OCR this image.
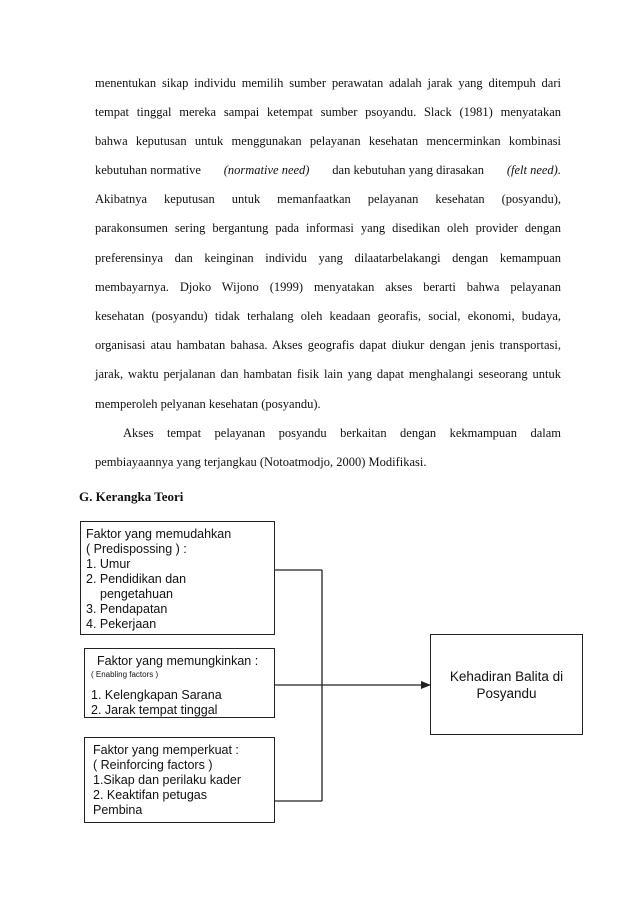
menentukan sikap individu memilih sumber perawatan adalah jarak yang ditempuh dari
tempat tinggal mereka sampai ketempat sumber psoyandu. Slack (1981) menyatakan
bahwa keputusan untuk menggunakan pelayanan kesehatan mencerminkan kombinasi
kebutuhan normative (normative need) dan kebutuhan yang dirasakan (felt need).
Akibatnya keputusan untuk memanfaatkan pelayanan kesehatan (posyandu),
parakonsumen sering bergantung pada informasi yang disedikan oleh provider dengan
preferensinya dan keinginan individu yang dilaatarbelakangi dengan kemampuan
membayarnya. Djoko Wijono (1999) menyatakan akses berarti bahwa pelayanan
kesehatan (posyandu) tidak terhalang oleh keadaan georafis, social, ekonomi, budaya,
organisasi atau hambatan bahasa. Akses geografis dapat diukur dengan jenis transportasi,
jarak, waktu perjalanan dan hambatan fisik lain yang dapat menghalangi seseorang untuk
memperoleh pelyanan kesehatan (posyandu).
Akses tempat pelayanan posyandu berkaitan dengan kekmampuan dalam
pembiayaannya yang terjangkau (Notoatmodjo, 2000) Modifikasi.
G. Kerangka Teori
Faktor yang memudahkan
( Predispossing ) :
1. Umur
2. Pendidikan dan
pengetahuan
3. Pendapatan
4. Pekerjaan
Faktor yang memungkinkan :
( Enabling factors )
1. Kelengkapan Sarana
2. Jarak tempat tinggal
Faktor yang memperkuat :
( Reinforcing factors )
1.Sikap dan perilaku kader
2. Keaktifan petugas
Pembina
Kehadiran Balita di
Posyandu
